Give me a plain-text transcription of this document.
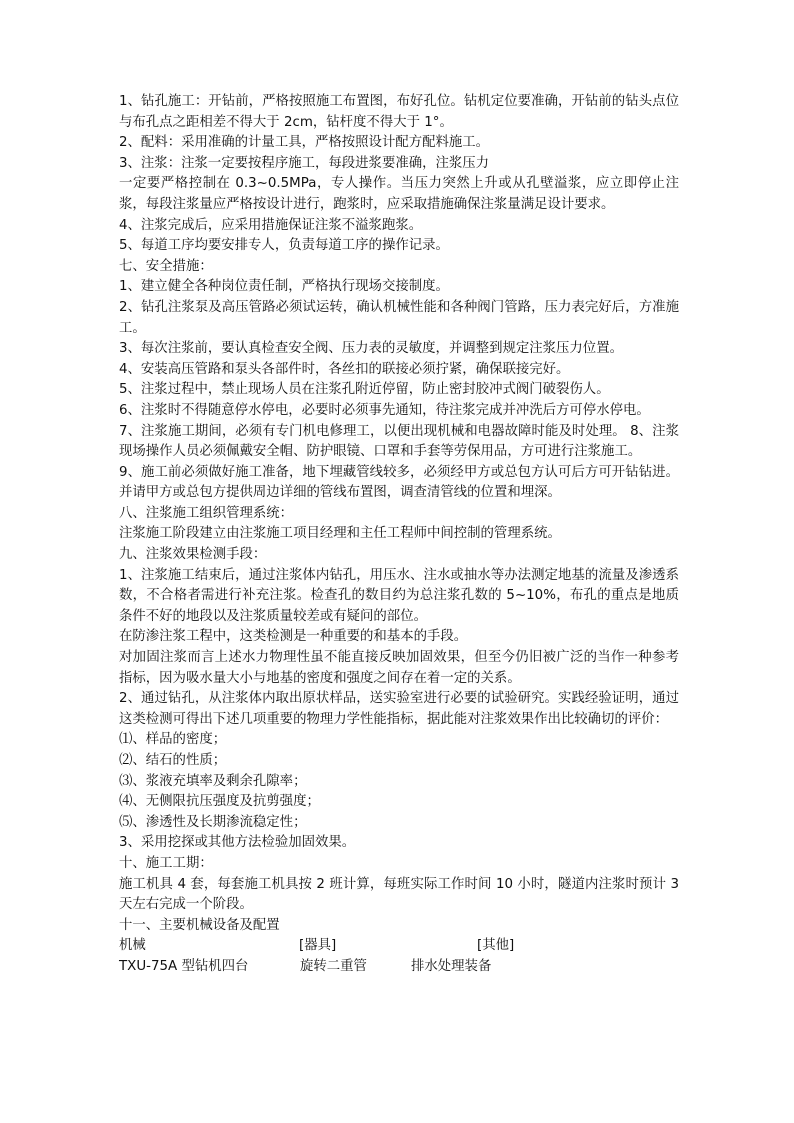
1、钻孔施工：开钻前，严格按照施工布置图，布好孔位。钻机定位要准确，开钻前的钻头点位与布孔点之距相差不得大于 2cm，钻杆度不得大于 1°。

2、配料：采用准确的计量工具，严格按照设计配方配料施工。

3、注浆：注浆一定要按程序施工，每段进浆要准确，注浆压力

一定要严格控制在 0.3~0.5MPa，专人操作。当压力突然上升或从孔壁溢浆，应立即停止注浆，每段注浆量应严格按设计进行，跑浆时，应采取措施确保注浆量满足设计要求。

4、注浆完成后，应采用措施保证注浆不溢浆跑浆。

5、每道工序均要安排专人，负责每道工序的操作记录。

七、安全措施：

1、建立健全各种岗位责任制，严格执行现场交接制度。

2、钻孔注浆泵及高压管路必须试运转，确认机械性能和各种阀门管路，压力表完好后，方准施工。

3、每次注浆前，要认真检查安全阀、压力表的灵敏度，并调整到规定注浆压力位置。

4、安装高压管路和泵头各部件时，各丝扣的联接必须拧紧，确保联接完好。

5、注浆过程中，禁止现场人员在注浆孔附近停留，防止密封胶冲式阀门破裂伤人。

6、注浆时不得随意停水停电，必要时必须事先通知，待注浆完成并冲洗后方可停水停电。

7、注浆施工期间，必须有专门机电修理工，以便出现机械和电器故障时能及时处理。 8、注浆现场操作人员必须佩戴安全帽、防护眼镜、口罩和手套等劳保用品，方可进行注浆施工。

9、施工前必须做好施工准备，地下埋藏管线较多，必须经甲方或总包方认可后方可开钻钻进。并请甲方或总包方提供周边详细的管线布置图，调查清管线的位置和埋深。

八、注浆施工组织管理系统：

注浆施工阶段建立由注浆施工项目经理和主任工程师中间控制的管理系统。

九、注浆效果检测手段：

1、注浆施工结束后，通过注浆体内钻孔，用压水、注水或抽水等办法测定地基的流量及渗透系数，不合格者需进行补充注浆。检查孔的数目约为总注浆孔数的 5~10%，布孔的重点是地质条件不好的地段以及注浆质量较差或有疑问的部位。

在防渗注浆工程中，这类检测是一种重要的和基本的手段。

对加固注浆而言上述水力物理性虽不能直接反映加固效果，但至今仍旧被广泛的当作一种参考指标，因为吸水量大小与地基的密度和强度之间存在着一定的关系。

2、通过钻孔，从注浆体内取出原状样品，送实验室进行必要的试验研究。实践经验证明，通过这类检测可得出下述几项重要的物理力学性能指标，据此能对注浆效果作出比较确切的评价：

⑴、样品的密度；

⑵、结石的性质；

⑶、浆液充填率及剩余孔隙率；

⑷、无侧限抗压强度及抗剪强度；

⑸、渗透性及长期渗流稳定性；

3、采用挖探或其他方法检验加固效果。

十、施工工期：

施工机具 4 套，每套施工机具按 2 班计算，每班实际工作时间 10 小时，隧道内注浆时预计 3 天左右完成一个阶段。

十一、主要机械设备及配置

机械	[器具]	[其他]
TXU-75A 型钻机四台	旋转二重管	排水处理装备
